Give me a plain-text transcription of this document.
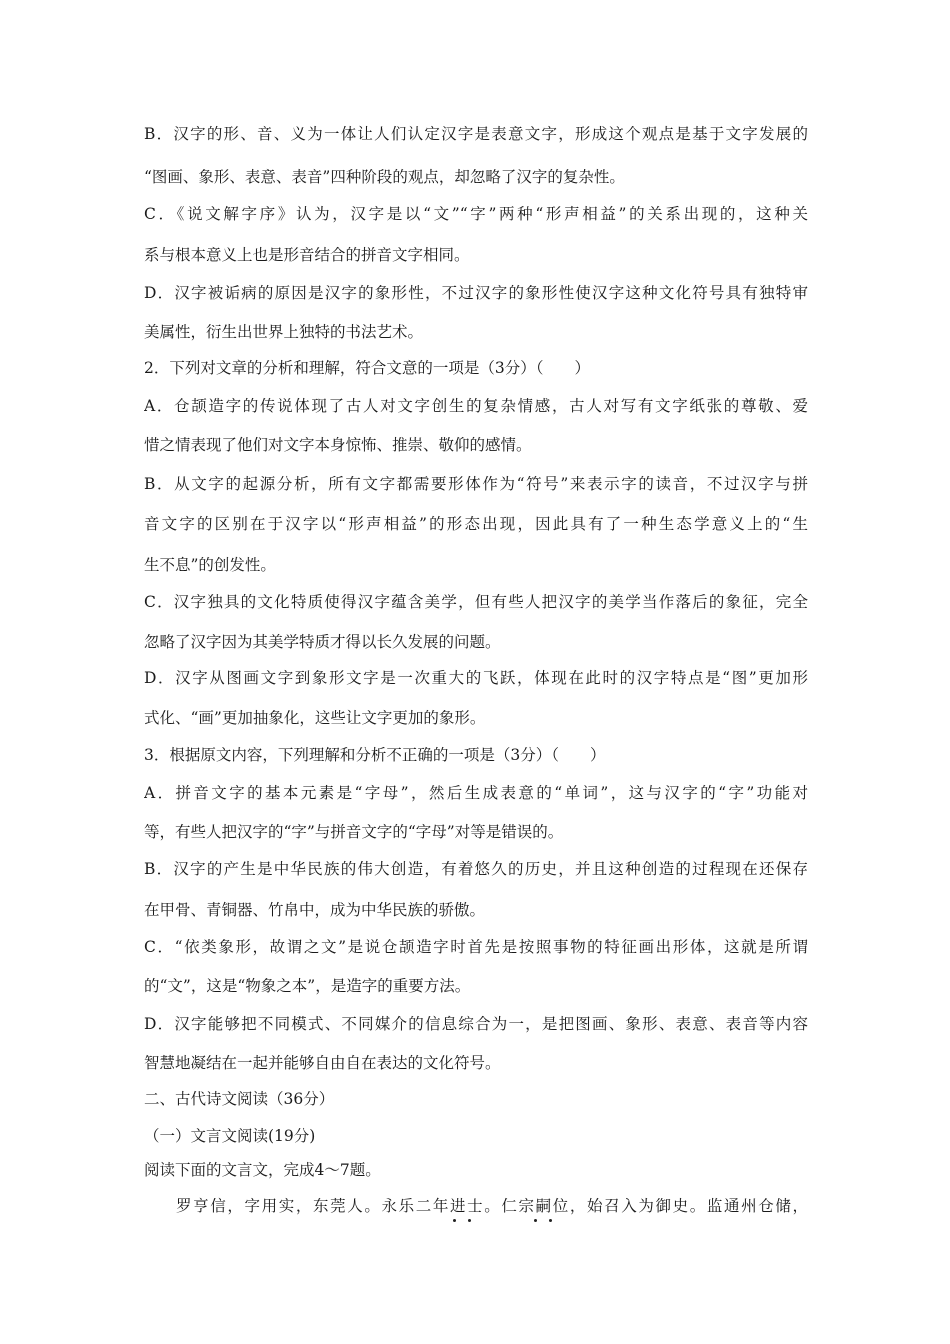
B．汉字的形、音、义为一体让人们认定汉字是表意文字，形成这个观点是基于文字发展的
“图画、象形、表意、表音”四种阶段的观点，却忽略了汉字的复杂性。
C．《说文解字序》认为，汉字是以“文”“字”两种“形声相益”的关系出现的，这种关
系与根本意义上也是形音结合的拼音文字相同。
D．汉字被诟病的原因是汉字的象形性，不过汉字的象形性使汉字这种文化符号具有独特审
美属性，衍生出世界上独特的书法艺术。
2．下列对文章的分析和理解，符合文意的一项是（3分）（　　）
A．仓颉造字的传说体现了古人对文字创生的复杂情感，古人对写有文字纸张的尊敬、爱
惜之情表现了他们对文字本身惊怖、推崇、敬仰的感情。
B．从文字的起源分析，所有文字都需要形体作为“符号”来表示字的读音，不过汉字与拼
音文字的区别在于汉字以“形声相益”的形态出现，因此具有了一种生态学意义上的“生
生不息”的创发性。
C．汉字独具的文化特质使得汉字蕴含美学，但有些人把汉字的美学当作落后的象征，完全
忽略了汉字因为其美学特质才得以长久发展的问题。
D．汉字从图画文字到象形文字是一次重大的飞跃，体现在此时的汉字特点是“图”更加形
式化、“画”更加抽象化，这些让文字更加的象形。
3．根据原文内容，下列理解和分析不正确的一项是（3分）（　　）
A．拼音文字的基本元素是“字母”，然后生成表意的“单词”，这与汉字的“字”功能对
等，有些人把汉字的“字”与拼音文字的“字母”对等是错误的。
B．汉字的产生是中华民族的伟大创造，有着悠久的历史，并且这种创造的过程现在还保存
在甲骨、青铜器、竹帛中，成为中华民族的骄傲。
C．“依类象形，故谓之文”是说仓颉造字时首先是按照事物的特征画出形体，这就是所谓
的“文”，这是“物象之本”，是造字的重要方法。
D．汉字能够把不同模式、不同媒介的信息综合为一，是把图画、象形、表意、表音等内容
智慧地凝结在一起并能够自由自在表达的文化符号。
二、古代诗文阅读（36分）
（一）文言文阅读(19分)
阅读下面的文言文，完成4～7题。
罗亨信，字用实，东莞人。永乐二年进士。仁宗嗣位，始召入为御史。监通州仓储，
